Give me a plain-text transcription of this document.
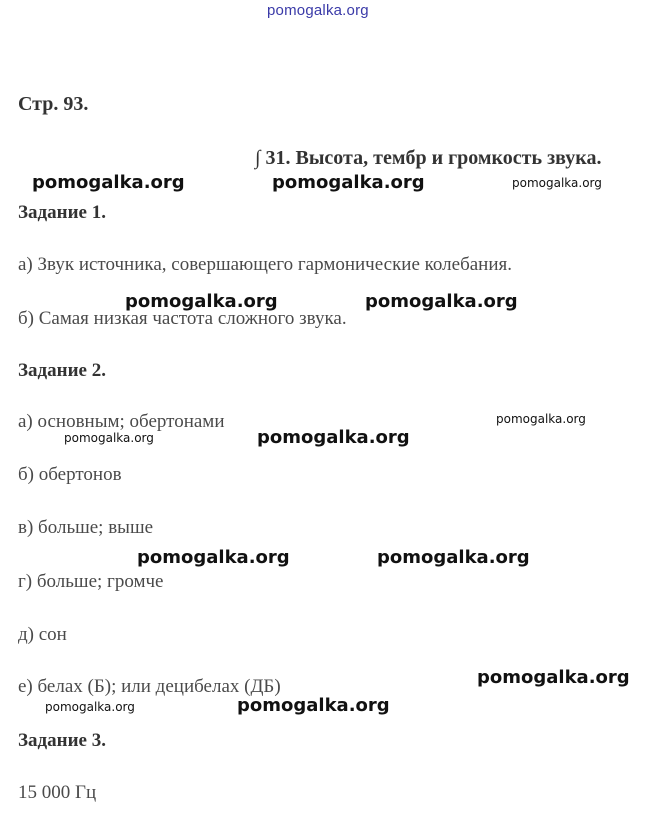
pomogalka.org
Стр. 93.
∫ 31. Высота, тембр и громкость звука.
Задание 1.
а) Звук источника, совершающего гармонические колебания.
б) Самая низкая частота сложного звука.
Задание 2.
а) основным; обертонами
б) обертонов
в) больше; выше
г) больше; громче
д) сон
е) белах (Б); или децибелах (ДБ)
Задание 3.
15 000 Гц
pomogalka.org	pomogalka.org	pomogalka.org
pomogalka.org	pomogalka.org
pomogalka.org
pomogalka.org	pomogalka.org
pomogalka.org	pomogalka.org
pomogalka.org
pomogalka.org	pomogalka.org
